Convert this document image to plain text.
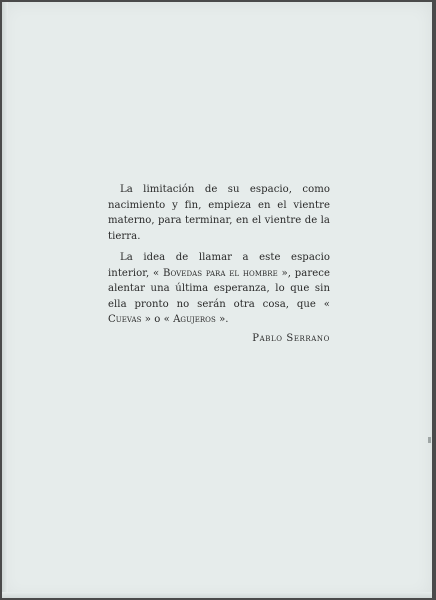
La limitación de su espacio, como nacimiento y fin, empieza en el vientre materno, para terminar, en el vientre de la tierra.

La idea de llamar a este espacio interior, « Bovedas para el hombre », parece alentar una última esperanza, lo que sin ella pronto no serán otra cosa, que « Cuevas » o « Agujeros ».

Pablo Serrano
